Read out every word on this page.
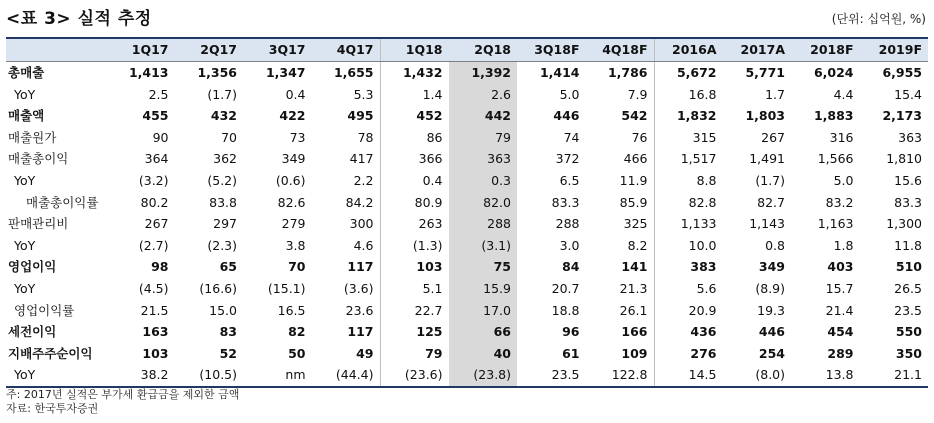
<표 3> 실적 추정	(단위: 십억원, %)
	1Q17	2Q17	3Q17	4Q17	1Q18	2Q18	3Q18F	4Q18F	2016A	2017A	2018F	2019F
총매출	1,413	1,356	1,347	1,655	1,432	1,392	1,414	1,786	5,672	5,771	6,024	6,955
YoY	2.5	(1.7)	0.4	5.3	1.4	2.6	5.0	7.9	16.8	1.7	4.4	15.4
매출액	455	432	422	495	452	442	446	542	1,832	1,803	1,883	2,173
매출원가	90	70	73	78	86	79	74	76	315	267	316	363
매출총이익	364	362	349	417	366	363	372	466	1,517	1,491	1,566	1,810
YoY	(3.2)	(5.2)	(0.6)	2.2	0.4	0.3	6.5	11.9	8.8	(1.7)	5.0	15.6
매출총이익률	80.2	83.8	82.6	84.2	80.9	82.0	83.3	85.9	82.8	82.7	83.2	83.3
판매관리비	267	297	279	300	263	288	288	325	1,133	1,143	1,163	1,300
YoY	(2.7)	(2.3)	3.8	4.6	(1.3)	(3.1)	3.0	8.2	10.0	0.8	1.8	11.8
영업이익	98	65	70	117	103	75	84	141	383	349	403	510
YoY	(4.5)	(16.6)	(15.1)	(3.6)	5.1	15.9	20.7	21.3	5.6	(8.9)	15.7	26.5
영업이익률	21.5	15.0	16.5	23.6	22.7	17.0	18.8	26.1	20.9	19.3	21.4	23.5
세전이익	163	83	82	117	125	66	96	166	436	446	454	550
지배주주순이익	103	52	50	49	79	40	61	109	276	254	289	350
YoY	38.2	(10.5)	nm	(44.4)	(23.6)	(23.8)	23.5	122.8	14.5	(8.0)	13.8	21.1
주: 2017년 실적은 부가세 환급금을 제외한 금액
자료: 한국투자증권
